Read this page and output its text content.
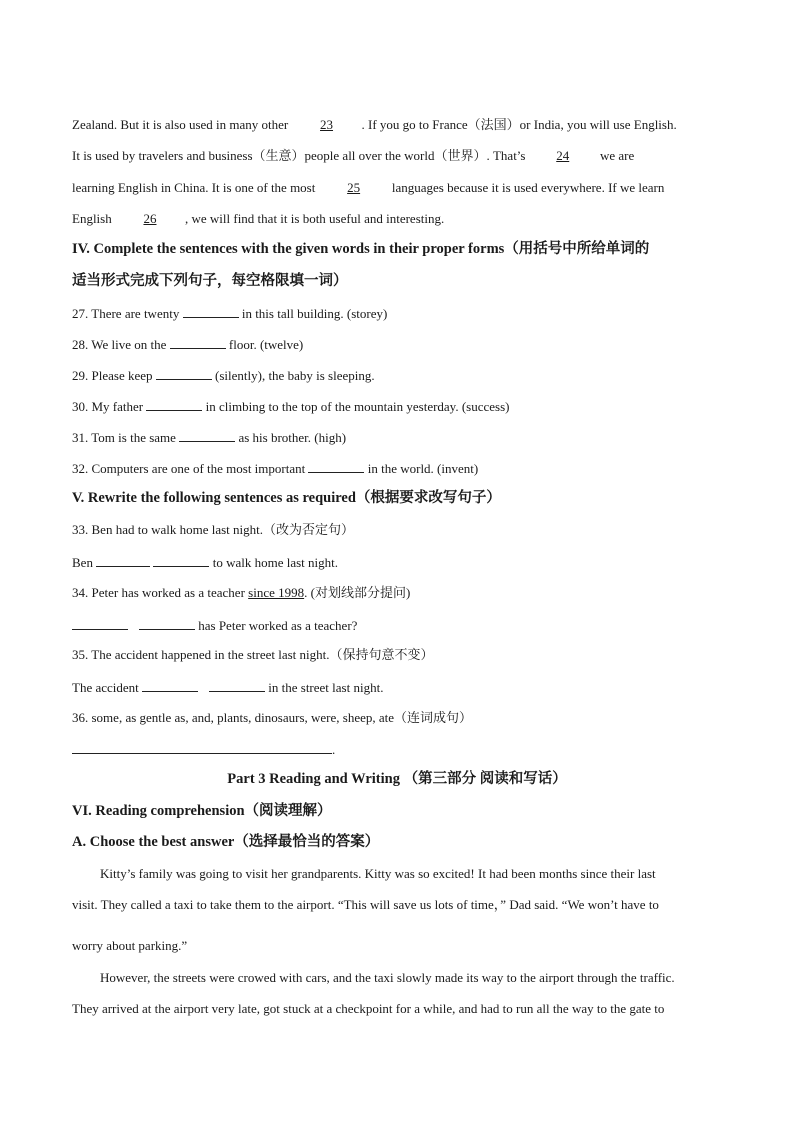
Zealand. But it is also used in many other 23 . If you go to France（法国）or India, you will use English.
It is used by travelers and business（生意）people all over the world（世界）. That’s 24 we are
learning English in China. It is one of the most 25 languages because it is used everywhere. If we learn
English 26 , we will find that it is both useful and interesting.
IV. Complete the sentences with the given words in their proper forms（用括号中所给单词的
适当形式完成下列句子，每空格限填一词）
27. There are twenty	in this tall building. (storey)
28. We live on the	floor. (twelve)
29. Please keep	(silently), the baby is sleeping.
30. My father	in climbing to the top of the mountain yesterday. (success)
31. Tom is the same	as his brother. (high)
32. Computers are one of the most important	in the world. (invent)
V. Rewrite the following sentences as required（根据要求改写句子）
33. Ben had to walk home last night.（改为否定句）
Ben	to walk home last night.
34. Peter has worked as a teacher since 1998. (对划线部分提问)
has Peter worked as a teacher?
35. The accident happened in the street last night.（保持句意不变）
The accident	in the street last night.
36. some, as gentle as, and, plants, dinosaurs, were, sheep, ate（连词成句）
.
Part 3 Reading and Writing （第三部分 阅读和写话）
VI. Reading comprehension（阅读理解）
A. Choose the best answer（选择最恰当的答案）
Kitty’s family was going to visit her grandparents. Kitty was so excited! It had been months since their last
visit. They called a taxi to take them to the airport. “This will save us lots of time，” Dad said. “We won’t have to
worry about parking.”
However, the streets were crowed with cars, and the taxi slowly made its way to the airport through the traffic.
They arrived at the airport very late, got stuck at a checkpoint for a while, and had to run all the way to the gate to
